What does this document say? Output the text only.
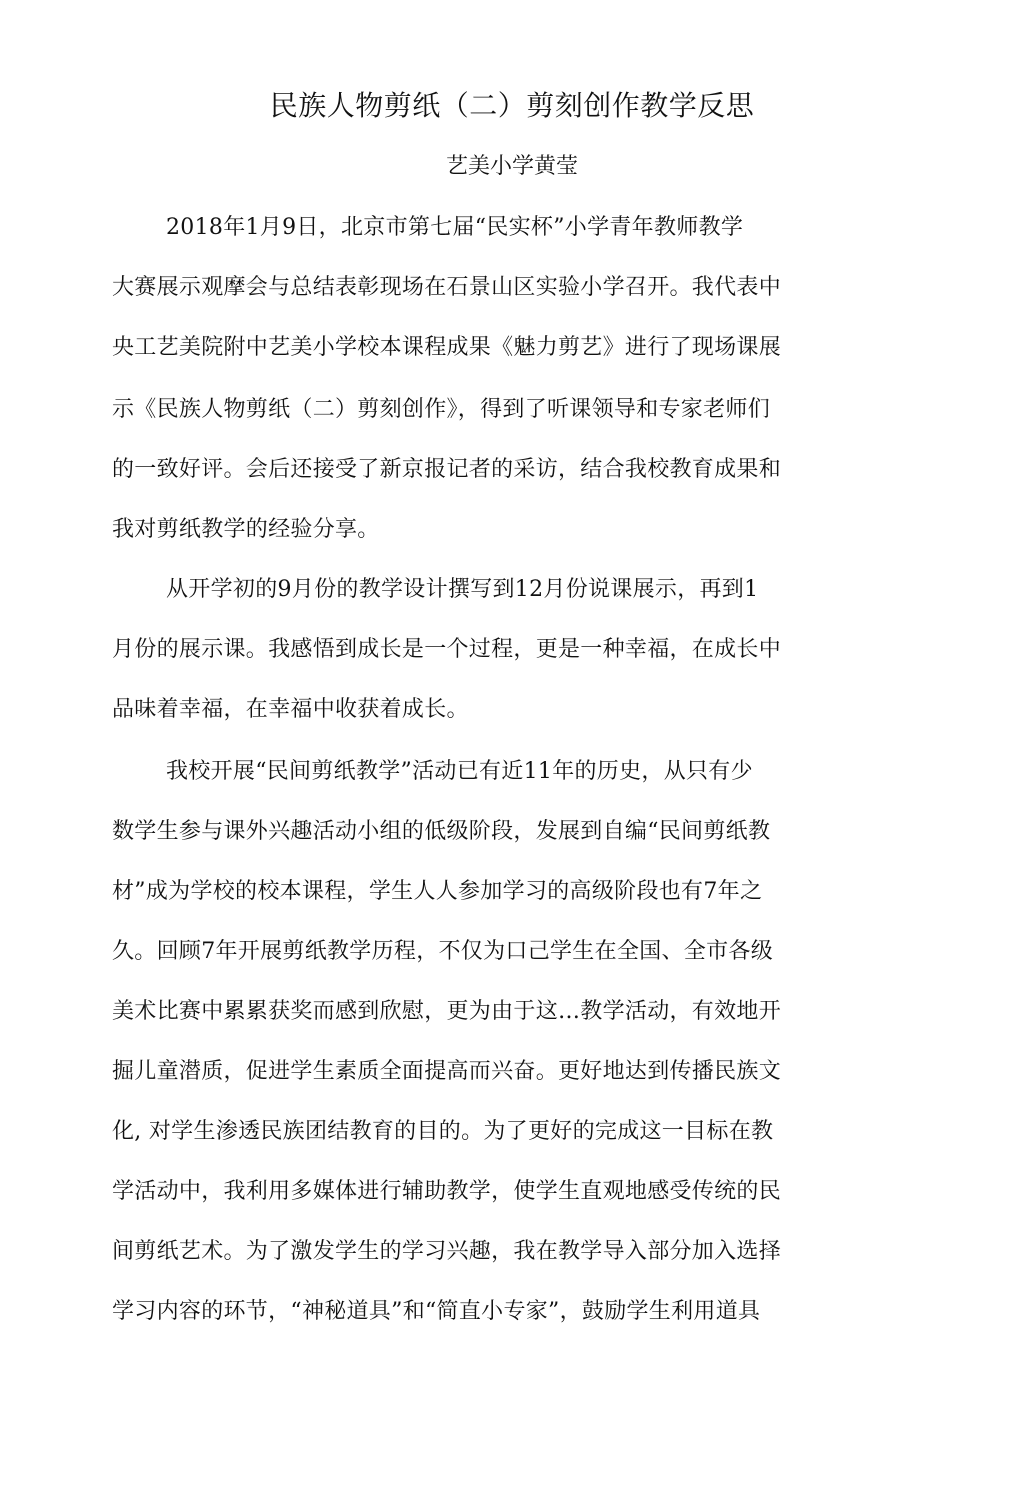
民族人物剪纸（二）剪刻创作教学反思
艺美小学黄莹
2018年1月9日，北京市第七届“民实杯”小学青年教师教学
大赛展示观摩会与总结表彰现场在石景山区实验小学召开。我代表中
央工艺美院附中艺美小学校本课程成果《魅力剪艺》进行了现场课展
示《民族人物剪纸（二）剪刻创作》，得到了听课领导和专家老师们
的一致好评。会后还接受了新京报记者的采访，结合我校教育成果和
我对剪纸教学的经验分享。
从开学初的9月份的教学设计撰写到12月份说课展示，再到1
月份的展示课。我感悟到成长是一个过程，更是一种幸福，在成长中
品味着幸福，在幸福中收获着成长。
我校开展“民间剪纸教学”活动已有近11年的历史，从只有少
数学生参与课外兴趣活动小组的低级阶段，发展到自编“民间剪纸教
材”成为学校的校本课程，学生人人参加学习的高级阶段也有7年之
久。回顾7年开展剪纸教学历程，不仅为口己学生在全国、全市各级
美术比赛中累累获奖而感到欣慰，更为由于这…教学活动，有效地开
掘儿童潜质，促进学生素质全面提高而兴奋。更好地达到传播民族文
化, 对学生渗透民族团结教育的目的。为了更好的完成这一目标在教
学活动中，我利用多媒体进行辅助教学，使学生直观地感受传统的民
间剪纸艺术。为了激发学生的学习兴趣，我在教学导入部分加入选择
学习内容的环节，“神秘道具”和“简直小专家”，鼓励学生利用道具
